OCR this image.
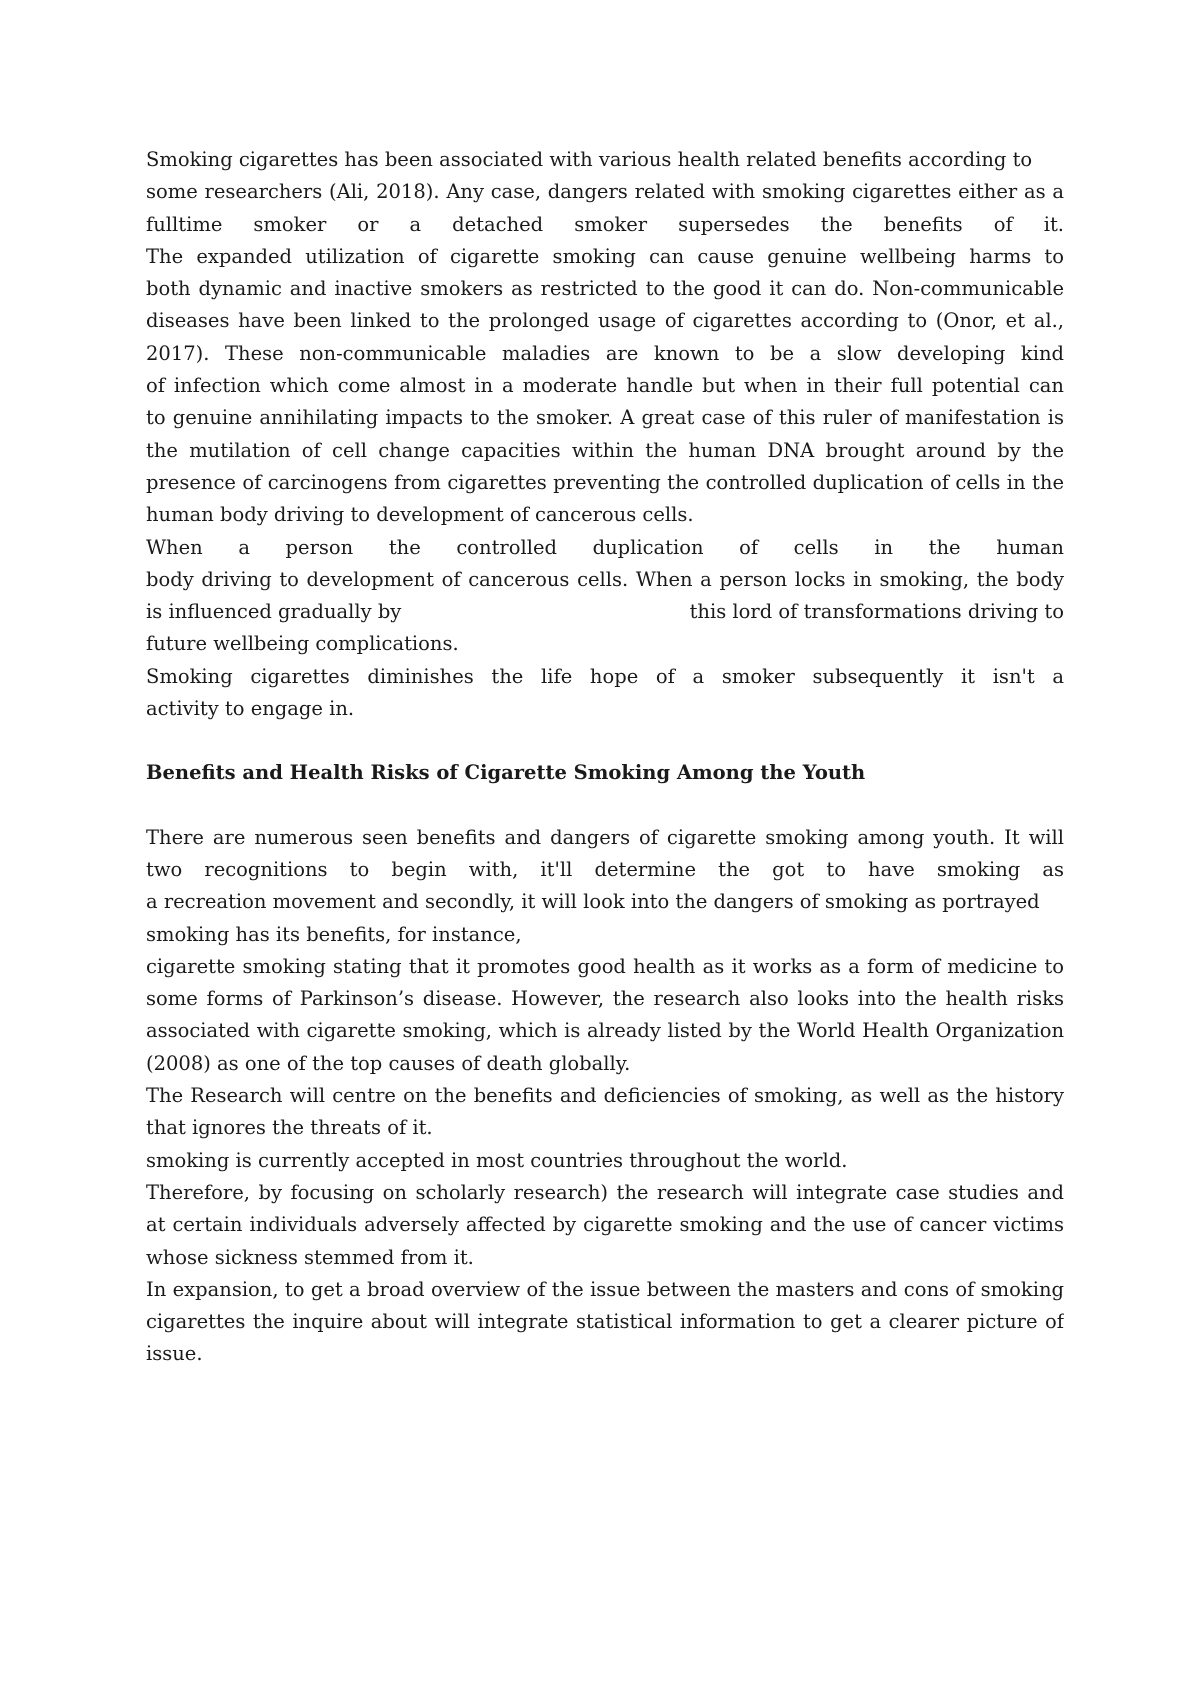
Smoking cigarettes has been associated with various health related benefits according to
some researchers (Ali, 2018). Any case, dangers related with smoking cigarettes either as a
fulltime smoker or a detached smoker supersedes the benefits of it.
The expanded utilization of cigarette smoking can cause genuine wellbeing harms to
both dynamic and inactive smokers as restricted to the good it can do. Non-communicable
diseases have been linked to the prolonged usage of cigarettes according to (Onor, et al.,
2017). These non-communicable maladies are known to be a slow developing kind
of infection which come almost in a moderate handle but when in their full potential can
to genuine annihilating impacts to the smoker. A great case of this ruler of manifestation is
the mutilation of cell change capacities within the human DNA brought around by the
presence of carcinogens from cigarettes preventing the controlled duplication of cells in the
human body driving to development of cancerous cells.
When a person the controlled duplication of cells in the human
body driving to development of cancerous cells. When a person locks in smoking, the body
is influenced gradually by	this lord of transformations driving to
future wellbeing complications.
Smoking cigarettes diminishes the life hope of a smoker subsequently it isn't a
activity to engage in.
Benefits and Health Risks of Cigarette Smoking Among the Youth
There are numerous seen benefits and dangers of cigarette smoking among youth. It will
two recognitions to begin with, it'll determine the got to have smoking as
a recreation movement and secondly, it will look into the dangers of smoking as portrayed
smoking has its benefits, for instance,
cigarette smoking stating that it promotes good health as it works as a form of medicine to
some forms of Parkinson’s disease. However, the research also looks into the health risks
associated with cigarette smoking, which is already listed by the World Health Organization
(2008) as one of the top causes of death globally.
The Research will centre on the benefits and deficiencies of smoking, as well as the history
that ignores the threats of it.
smoking is currently accepted in most countries throughout the world.
Therefore, by focusing on scholarly research) the research will integrate case studies and
at certain individuals adversely affected by cigarette smoking and the use of cancer victims
whose sickness stemmed from it.
In expansion, to get a broad overview of the issue between the masters and cons of smoking
cigarettes the inquire about will integrate statistical information to get a clearer picture of
issue.
